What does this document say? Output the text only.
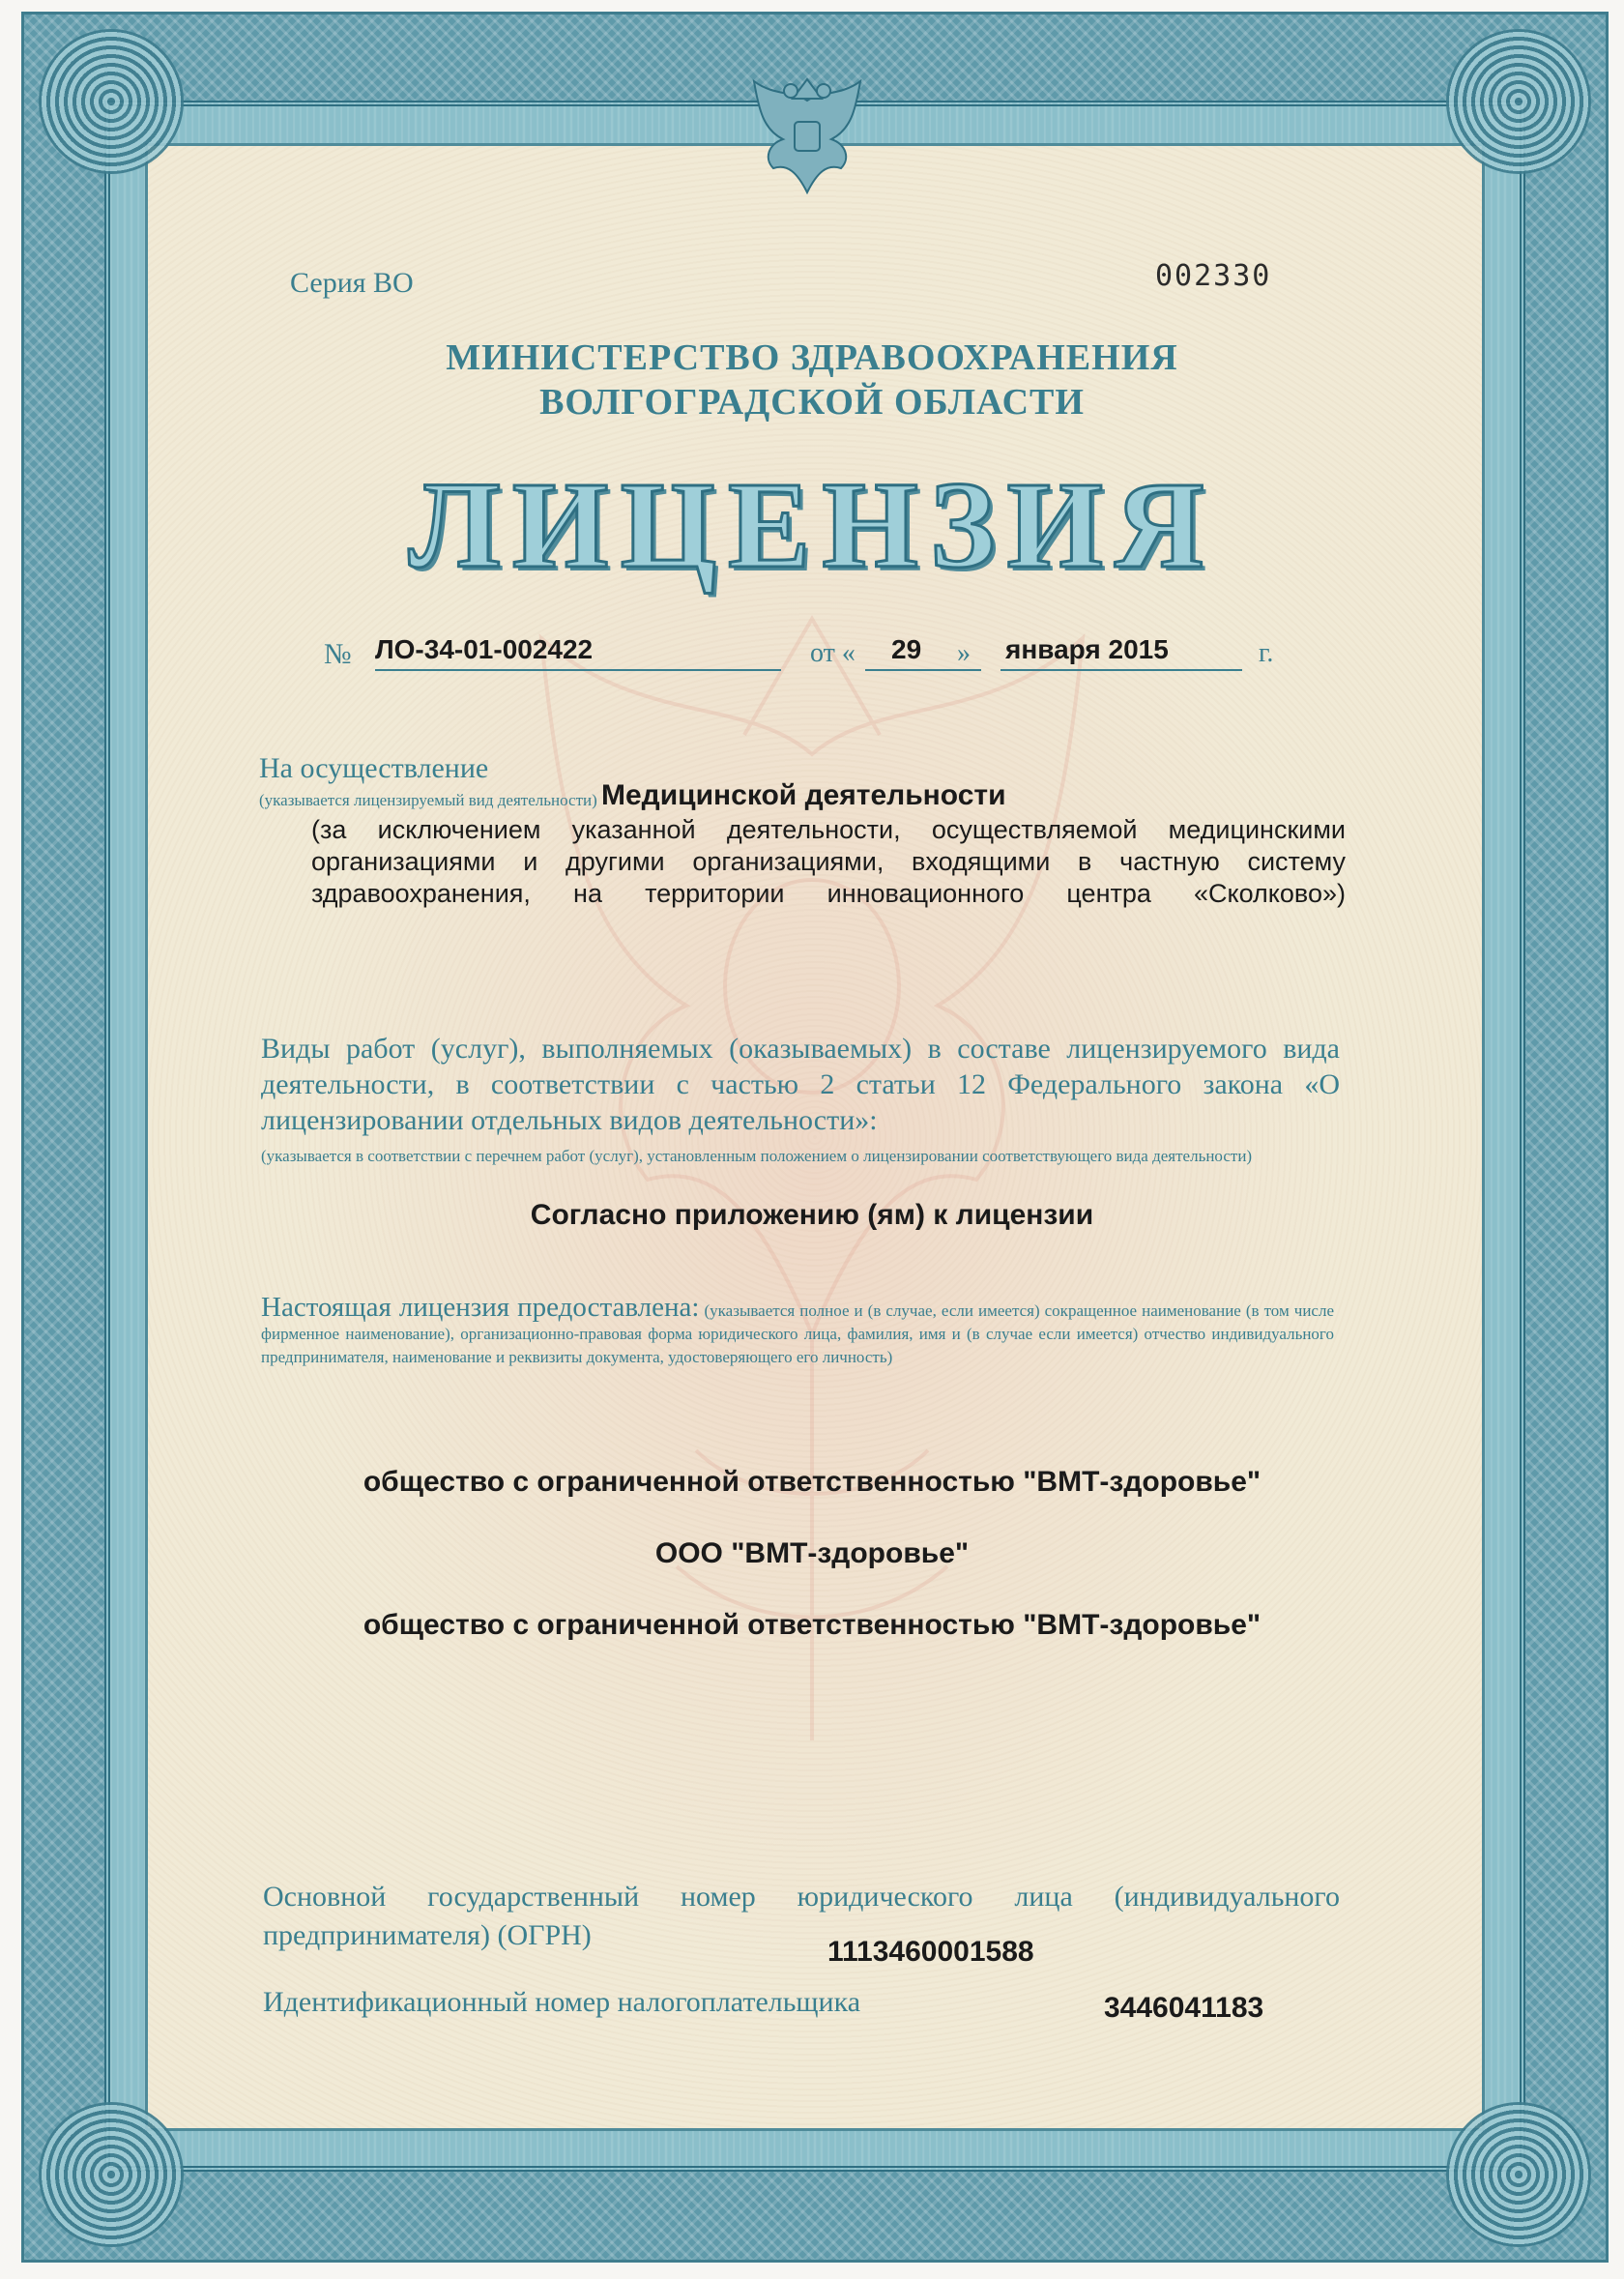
Серия ВО	002330
МИНИСТЕРСТВО ЗДРАВООХРАНЕНИЯ
ВОЛГОГРАДСКОЙ ОБЛАСТИ
ЛИЦЕНЗИЯ
№ ЛО-34-01-002422	от « 29 » января 2015	г.
На осуществление
(указывается лицензируемый вид деятельности) Медицинской деятельности
(за исключением указанной деятельности, осуществляемой медицинскими организациями и другими организациями, входящими в частную систему здравоохранения, на территории инновационного центра «Сколково»)
Виды работ (услуг), выполняемых (оказываемых) в составе лицензируемого вида деятельности, в соответствии с частью 2 статьи 12 Федерального закона «О лицензировании отдельных видов деятельности»:
(указывается в соответствии с перечнем работ (услуг), установленным положением о лицензировании соответствующего вида деятельности)
Согласно приложению (ям) к лицензии
Настоящая лицензия предоставлена: (указывается полное и (в случае, если имеется) сокращенное наименование (в том числе фирменное наименование), организационно-правовая форма юридического лица, фамилия, имя и (в случае если имеется) отчество индивидуального предпринимателя, наименование и реквизиты документа, удостоверяющего его личность)
общество с ограниченной ответственностью "ВМТ-здоровье"
ООО "ВМТ-здоровье"
общество с ограниченной ответственностью "ВМТ-здоровье"
Основной государственный номер юридического лица (индивидуального предпринимателя) (ОГРН)
1113460001588
Идентификационный номер налогоплательщика	3446041183
